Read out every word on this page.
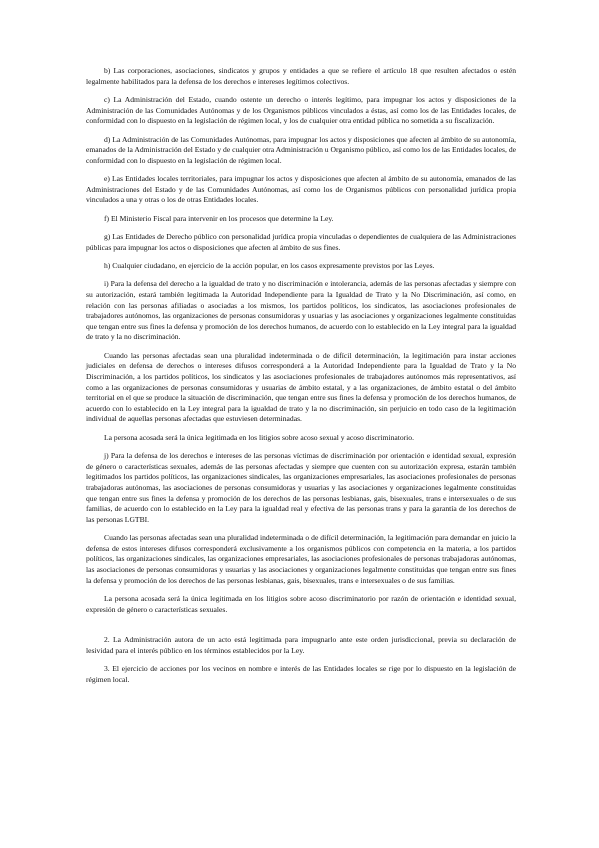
b) Las corporaciones, asociaciones, sindicatos y grupos y entidades a que se refiere el artículo 18 que resulten afectados o estén legalmente habilitados para la defensa de los derechos e intereses legítimos colectivos.

c) La Administración del Estado, cuando ostente un derecho o interés legítimo, para impugnar los actos y disposiciones de la Administración de las Comunidades Autónomas y de los Organismos públicos vinculados a éstas, así como los de las Entidades locales, de conformidad con lo dispuesto en la legislación de régimen local, y los de cualquier otra entidad pública no sometida a su fiscalización.

d) La Administración de las Comunidades Autónomas, para impugnar los actos y disposiciones que afecten al ámbito de su autonomía, emanados de la Administración del Estado y de cualquier otra Administración u Organismo público, así como los de las Entidades locales, de conformidad con lo dispuesto en la legislación de régimen local.

e) Las Entidades locales territoriales, para impugnar los actos y disposiciones que afecten al ámbito de su autonomía, emanados de las Administraciones del Estado y de las Comunidades Autónomas, así como los de Organismos públicos con personalidad jurídica propia vinculados a una y otras o los de otras Entidades locales.

f) El Ministerio Fiscal para intervenir en los procesos que determine la Ley.

g) Las Entidades de Derecho público con personalidad jurídica propia vinculadas o dependientes de cualquiera de las Administraciones públicas para impugnar los actos o disposiciones que afecten al ámbito de sus fines.

h) Cualquier ciudadano, en ejercicio de la acción popular, en los casos expresamente previstos por las Leyes.

i) Para la defensa del derecho a la igualdad de trato y no discriminación e intolerancia, además de las personas afectadas y siempre con su autorización, estará también legitimada la Autoridad Independiente para la Igualdad de Trato y la No Discriminación, así como, en relación con las personas afiliadas o asociadas a los mismos, los partidos políticos, los sindicatos, las asociaciones profesionales de trabajadores autónomos, las organizaciones de personas consumidoras y usuarias y las asociaciones y organizaciones legalmente constituidas que tengan entre sus fines la defensa y promoción de los derechos humanos, de acuerdo con lo establecido en la Ley integral para la igualdad de trato y la no discriminación.

Cuando las personas afectadas sean una pluralidad indeterminada o de difícil determinación, la legitimación para instar acciones judiciales en defensa de derechos o intereses difusos corresponderá a la Autoridad Independiente para la Igualdad de Trato y la No Discriminación, a los partidos políticos, los sindicatos y las asociaciones profesionales de trabajadores autónomos más representativos, así como a las organizaciones de personas consumidoras y usuarias de ámbito estatal, y a las organizaciones, de ámbito estatal o del ámbito territorial en el que se produce la situación de discriminación, que tengan entre sus fines la defensa y promoción de los derechos humanos, de acuerdo con lo establecido en la Ley integral para la igualdad de trato y la no discriminación, sin perjuicio en todo caso de la legitimación individual de aquellas personas afectadas que estuviesen determinadas.

La persona acosada será la única legitimada en los litigios sobre acoso sexual y acoso discriminatorio.

j) Para la defensa de los derechos e intereses de las personas víctimas de discriminación por orientación e identidad sexual, expresión de género o características sexuales, además de las personas afectadas y siempre que cuenten con su autorización expresa, estarán también legitimados los partidos políticos, las organizaciones sindicales, las organizaciones empresariales, las asociaciones profesionales de personas trabajadoras autónomas, las asociaciones de personas consumidoras y usuarias y las asociaciones y organizaciones legalmente constituidas que tengan entre sus fines la defensa y promoción de los derechos de las personas lesbianas, gais, bisexuales, trans e intersexuales o de sus familias, de acuerdo con lo establecido en la Ley para la igualdad real y efectiva de las personas trans y para la garantía de los derechos de las personas LGTBI.

Cuando las personas afectadas sean una pluralidad indeterminada o de difícil determinación, la legitimación para demandar en juicio la defensa de estos intereses difusos corresponderá exclusivamente a los organismos públicos con competencia en la materia, a los partidos políticos, las organizaciones sindicales, las organizaciones empresariales, las asociaciones profesionales de personas trabajadoras autónomas, las asociaciones de personas consumidoras y usuarias y las asociaciones y organizaciones legalmente constituidas que tengan entre sus fines la defensa y promoción de los derechos de las personas lesbianas, gais, bisexuales, trans e intersexuales o de sus familias.

La persona acosada será la única legitimada en los litigios sobre acoso discriminatorio por razón de orientación e identidad sexual, expresión de género o características sexuales.

2. La Administración autora de un acto está legitimada para impugnarlo ante este orden jurisdiccional, previa su declaración de lesividad para el interés público en los términos establecidos por la Ley.

3. El ejercicio de acciones por los vecinos en nombre e interés de las Entidades locales se rige por lo dispuesto en la legislación de régimen local.
